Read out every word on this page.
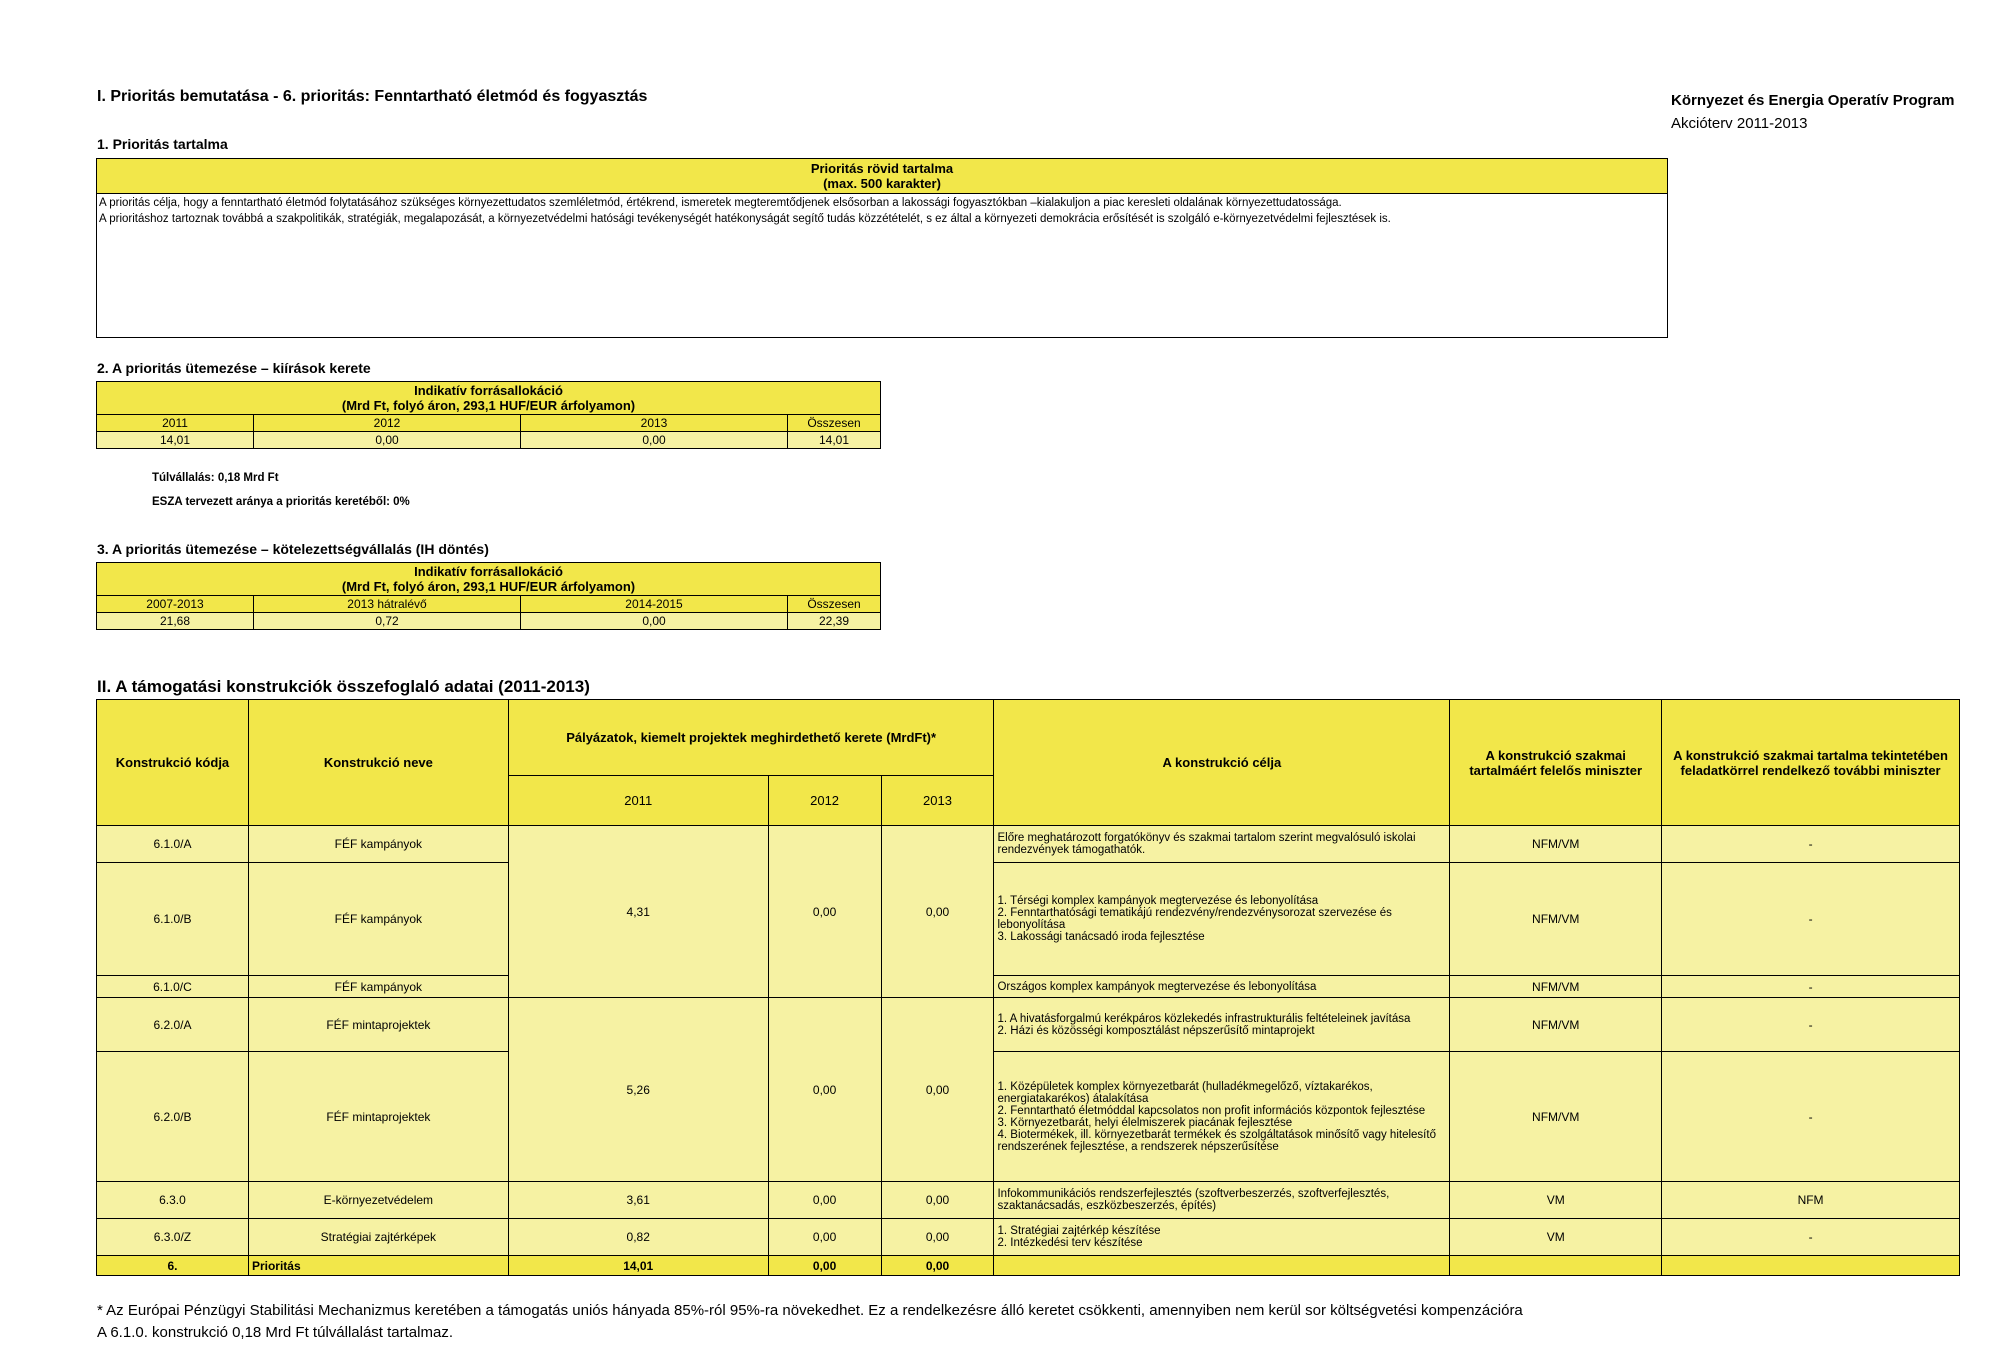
I. Prioritás bemutatása - 6. prioritás: Fenntartható életmód és fogyasztás	Környezet és Energia Operatív Program
Akcióterv 2011-2013
1. Prioritás tartalma
Prioritás rövid tartalma
(max. 500 karakter)
A prioritás célja, hogy a fenntartható életmód folytatásához szükséges környezettudatos szemléletmód, értékrend, ismeretek megteremtődjenek elsősorban a lakossági fogyasztókban –kialakuljon a piac keresleti oldalának környezettudatossága.
A prioritáshoz tartoznak továbbá a szakpolitikák, stratégiák, megalapozását, a környezetvédelmi hatósági tevékenységét hatékonyságát segítő tudás közzétételét, s ez által a környezeti demokrácia erősítését is szolgáló e-környezetvédelmi fejlesztések is.
2. A prioritás ütemezése – kiírások kerete
Indikatív forrásallokáció
(Mrd Ft, folyó áron, 293,1 HUF/EUR árfolyamon)			

2011	2012	2013	Összesen
14,01	0,00	0,00	14,01
Túlvállalás: 0,18 Mrd Ft
ESZA tervezett aránya a prioritás keretéből: 0%
3. A prioritás ütemezése – kötelezettségvállalás (IH döntés)
Indikatív forrásallokáció
(Mrd Ft, folyó áron, 293,1 HUF/EUR árfolyamon)			

2007-2013	2013 hátralévő	2014-2015	Összesen
21,68	0,72	0,00	22,39
II. A támogatási konstrukciók összefoglaló adatai (2011-2013)
Konstrukció kódja	Konstrukció neve	Pályázatok, kiemelt projektek meghirdethető kerete (MrdFt)*			A konstrukció célja	A konstrukció szakmai tartalmáért felelős miniszter	A konstrukció szakmai tartalma tekintetében feladatkörrel rendelkező további miniszter
		2011	2012	2013			
6.1.0/A	FÉF kampányok	4,31	0,00	0,00	Előre meghatározott forgatókönyv és szakmai tartalom szerint megvalósuló iskolai rendezvények támogathatók.	NFM/VM	-
6.1.0/B	FÉF kampányok				1. Térségi komplex kampányok megtervezése és lebonyolítása
2. Fenntarthatósági tematikájú rendezvény/rendezvénysorozat szervezése és lebonyolítása
3. Lakossági tanácsadó iroda fejlesztése	NFM/VM	-
6.1.0/C	FÉF kampányok				Országos komplex kampányok megtervezése és lebonyolítása	NFM/VM	-
6.2.0/A	FÉF mintaprojektek	5,26	0,00	0,00	1. A hivatásforgalmú kerékpáros közlekedés infrastrukturális feltételeinek javítása
2. Házi és közösségi komposztálást népszerűsítő mintaprojekt	NFM/VM	-
6.2.0/B	FÉF mintaprojektek				1. Középületek komplex környezetbarát (hulladékmegelőző, víztakarékos, energiatakarékos) átalakítása
2. Fenntartható életmóddal kapcsolatos non profit információs központok fejlesztése
3. Környezetbarát, helyi élelmiszerek piacának fejlesztése
4. Biotermékek, ill. környezetbarát termékek és szolgáltatások minősítő vagy hitelesítő rendszerének fejlesztése, a rendszerek népszerűsítése	NFM/VM	-
6.3.0	E-környezetvédelem	3,61	0,00	0,00	Infokommunikációs rendszerfejlesztés (szoftverbeszerzés, szoftverfejlesztés, szaktanácsadás, eszközbeszerzés, építés)	VM	NFM
6.3.0/Z	Stratégiai zajtérképek	0,82	0,00	0,00	1. Stratégiai zajtérkép készítése
2. Intézkedési terv készítése	VM	-
6.	Prioritás	14,01	0,00	0,00			
* Az Európai Pénzügyi Stabilitási Mechanizmus keretében a támogatás uniós hányada 85%-ról 95%-ra növekedhet. Ez a rendelkezésre álló keretet csökkenti, amennyiben nem kerül sor költségvetési kompenzációra
A 6.1.0. konstrukció 0,18 Mrd Ft túlvállalást tartalmaz.
